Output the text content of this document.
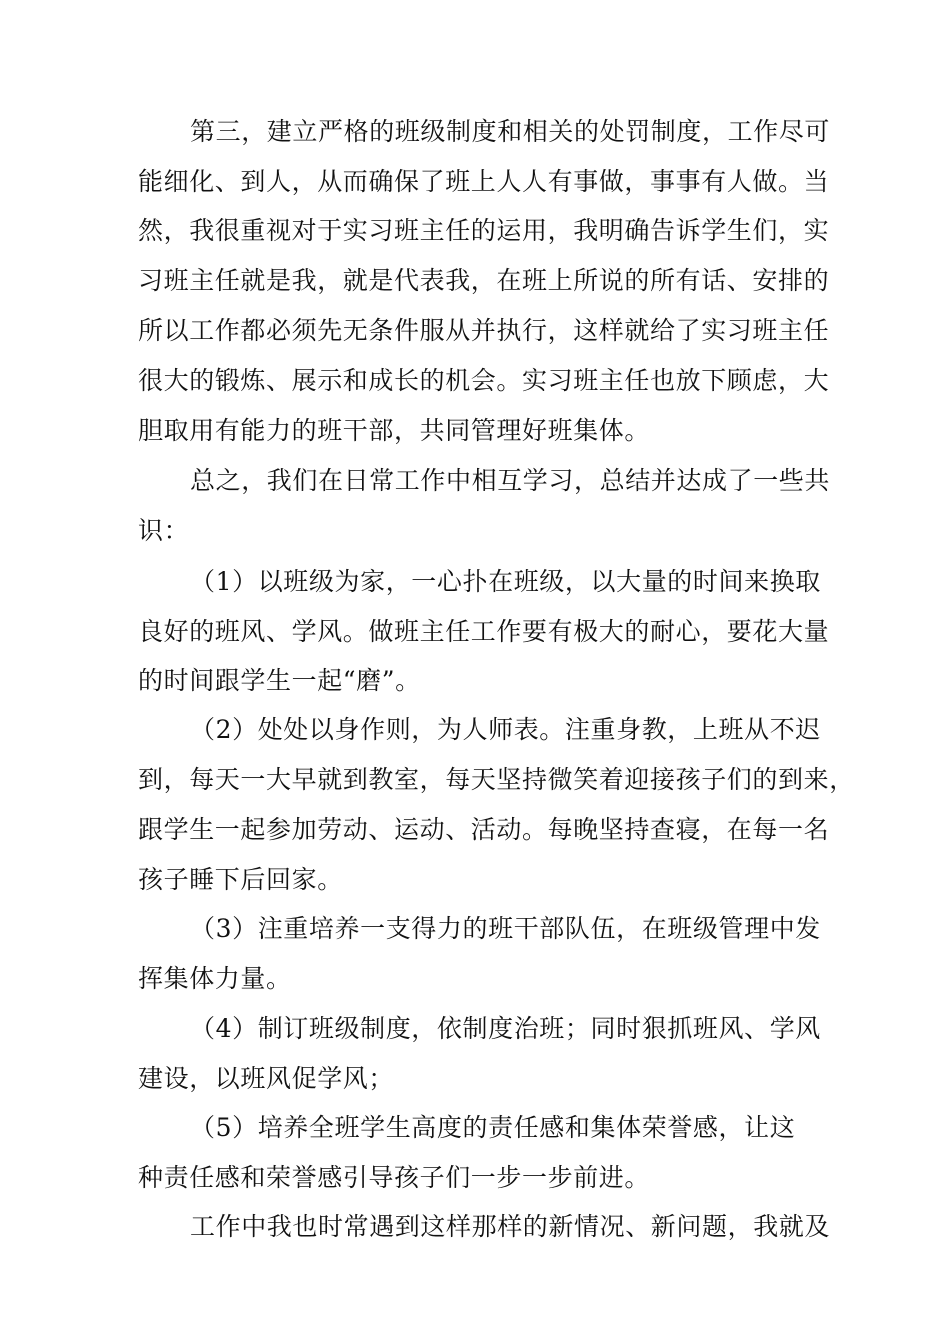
第三，建立严格的班级制度和相关的处罚制度，工作尽可
能细化、到人，从而确保了班上人人有事做，事事有人做。当
然，我很重视对于实习班主任的运用，我明确告诉学生们，实
习班主任就是我，就是代表我，在班上所说的所有话、安排的
所以工作都必须先无条件服从并执行，这样就给了实习班主任
很大的锻炼、展示和成长的机会。实习班主任也放下顾虑，大
胆取用有能力的班干部，共同管理好班集体。
总之，我们在日常工作中相互学习，总结并达成了一些共
识：
（1）以班级为家，一心扑在班级，以大量的时间来换取
良好的班风、学风。做班主任工作要有极大的耐心，要花大量
的时间跟学生一起“磨”。
（2）处处以身作则，为人师表。注重身教，上班从不迟
到，每天一大早就到教室，每天坚持微笑着迎接孩子们的到来，
跟学生一起参加劳动、运动、活动。每晚坚持查寝，在每一名
孩子睡下后回家。
（3）注重培养一支得力的班干部队伍，在班级管理中发
挥集体力量。
（4）制订班级制度，依制度治班；同时狠抓班风、学风
建设，以班风促学风；
（5）培养全班学生高度的责任感和集体荣誉感，让这
种责任感和荣誉感引导孩子们一步一步前进。
工作中我也时常遇到这样那样的新情况、新问题，我就及
